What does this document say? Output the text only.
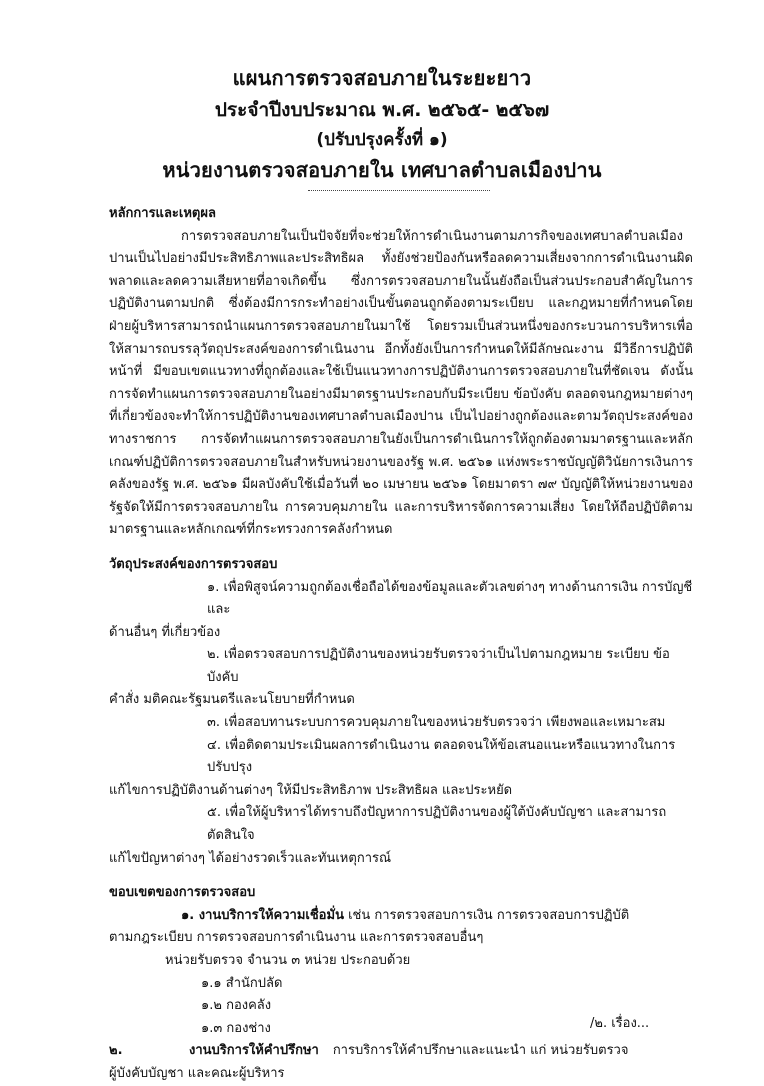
แผนการตรวจสอบภายในระยะยาว
ประจำปีงบประมาณ พ.ศ. ๒๕๖๕- ๒๕๖๗
(ปรับปรุงครั้งที่ ๑)
หน่วยงานตรวจสอบภายใน เทศบาลตำบลเมืองปาน
หลักการและเหตุผล
การตรวจสอบภายในเป็นปัจจัยที่จะช่วยให้การดำเนินงานตามภารกิจของเทศบาลตำบลเมืองปานเป็นไปอย่างมีประสิทธิภาพและประสิทธิผล ทั้งยังช่วยป้องกันหรือลดความเสี่ยงจากการดำเนินงานผิดพลาดและลดความเสียหายที่อาจเกิดขึ้น ซึ่งการตรวจสอบภายในนั้นยังถือเป็นส่วนประกอบสำคัญในการปฏิบัติงานตามปกติ ซึ่งต้องมีการกระทำอย่างเป็นขั้นตอนถูกต้องตามระเบียบ และกฎหมายที่กำหนดโดยฝ่ายผู้บริหารสามารถนำแผนการตรวจสอบภายในมาใช้ โดยรวมเป็นส่วนหนึ่งของกระบวนการบริหารเพื่อให้สามารถบรรลุวัตถุประสงค์ของการดำเนินงาน อีกทั้งยังเป็นการกำหนดให้มีลักษณะงาน มีวิธีการปฏิบัติหน้าที่ มีขอบเขตแนวทางที่ถูกต้องและใช้เป็นแนวทางการปฏิบัติงานการตรวจสอบภายในที่ชัดเจน ดังนั้น การจัดทำแผนการตรวจสอบภายในอย่างมีมาตรฐานประกอบกับมีระเบียบ ข้อบังคับ ตลอดจนกฎหมายต่างๆ ที่เกี่ยวข้องจะทำให้การปฏิบัติงานของเทศบาลตำบลเมืองปาน เป็นไปอย่างถูกต้องและตามวัตถุประสงค์ของทางราชการ การจัดทำแผนการตรวจสอบภายในยังเป็นการดำเนินการให้ถูกต้องตามมาตรฐานและหลักเกณฑ์ปฏิบัติการตรวจสอบภายในสำหรับหน่วยงานของรัฐ พ.ศ. ๒๕๖๑ แห่งพระราชบัญญัติวินัยการเงินการคลังของรัฐ พ.ศ. ๒๕๖๑ มีผลบังคับใช้เมื่อวันที่ ๒๐ เมษายน ๒๕๖๑ โดยมาตรา ๗๙ บัญญัติให้หน่วยงานของรัฐจัดให้มีการตรวจสอบภายใน การควบคุมภายใน และการบริหารจัดการความเสี่ยง โดยให้ถือปฏิบัติตามมาตรฐานและหลักเกณฑ์ที่กระทรวงการคลังกำหนด
วัตถุประสงค์ของการตรวจสอบ
๑. เพื่อพิสูจน์ความถูกต้องเชื่อถือได้ของข้อมูลและตัวเลขต่างๆ ทางด้านการเงิน การบัญชี และ
ด้านอื่นๆ ที่เกี่ยวข้อง
๒. เพื่อตรวจสอบการปฏิบัติงานของหน่วยรับตรวจว่าเป็นไปตามกฎหมาย ระเบียบ ข้อบังคับ
คำสั่ง มติคณะรัฐมนตรีและนโยบายที่กำหนด
๓. เพื่อสอบทานระบบการควบคุมภายในของหน่วยรับตรวจว่า เพียงพอและเหมาะสม
๔. เพื่อติดตามประเมินผลการดำเนินงาน ตลอดจนให้ข้อเสนอแนะหรือแนวทางในการปรับปรุง
แก้ไขการปฏิบัติงานด้านต่างๆ ให้มีประสิทธิภาพ ประสิทธิผล และประหยัด
๕. เพื่อให้ผู้บริหารได้ทราบถึงปัญหาการปฏิบัติงานของผู้ใต้บังคับบัญชา และสามารถตัดสินใจ
แก้ไขปัญหาต่างๆ ได้อย่างรวดเร็วและทันเหตุการณ์
ขอบเขตของการตรวจสอบ
๑. งานบริการให้ความเชื่อมั่น เช่น การตรวจสอบการเงิน การตรวจสอบการปฏิบัติ
ตามกฎระเบียบ การตรวจสอบการดำเนินงาน และการตรวจสอบอื่นๆ
หน่วยรับตรวจ จำนวน ๓ หน่วย ประกอบด้วย
๑.๑ สำนักปลัด
๑.๒ กองคลัง
๑.๓ กองช่าง
๒.	งานบริการให้คำปรึกษา การบริการให้คำปรึกษาและแนะนำ แก่ หน่วยรับตรวจ
ผู้บังคับบัญชา และคณะผู้บริหาร
/๒. เรื่อง...
